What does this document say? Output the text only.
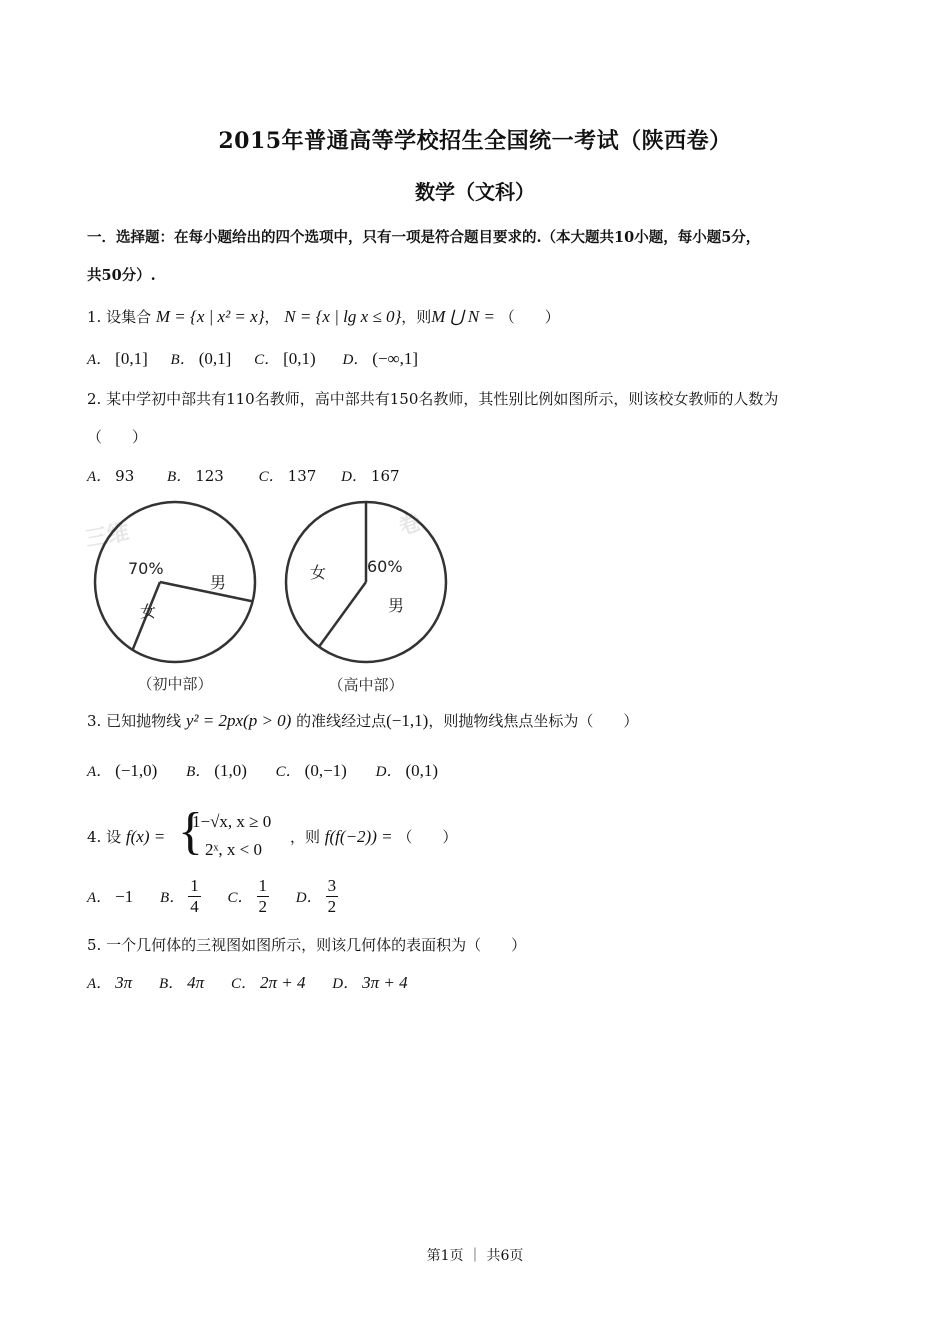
2015年普通高等学校招生全国统一考试（陕西卷）
数学（文科）
一．选择题：在每小题给出的四个选项中，只有一项是符合题目要求的.（本大题共10小题，每小题5分，
共50分）.
1. 设集合 M = {x | x² = x}， N = {x | lg x ≤ 0}，则M ⋃ N = （　　）
A． [0,1] B． (0,1] C． [0,1) D． (−∞,1]
2. 某中学初中部共有110名教师，高中部共有150名教师，其性别比例如图所示，则该校女教师的人数为
（　　）
A． 93 B． 123 C． 137 D． 167
三维	卷
70%
女
男
（初中部）
60%
男
女
（高中部）
3. 已知抛物线 y² = 2px(p > 0) 的准线经过点(−1,1)，则抛物线焦点坐标为（　　）
A． (−1,0) B． (1,0) C． (0,−1) D． (0,1)
4. 设 f(x) = {
1−√x, x ≥ 0
2ˣ, x < 0
，则 f(f(−2)) = （　　）
A． −1 B． $\frac{1}{4}$ C． $\frac{1}{2}$ D． $\frac{3}{2}$
5. 一个几何体的三视图如图所示，则该几何体的表面积为（　　）
A． 3π B． 4π C． 2π + 4 D． 3π + 4
第1页 ｜ 共6页
